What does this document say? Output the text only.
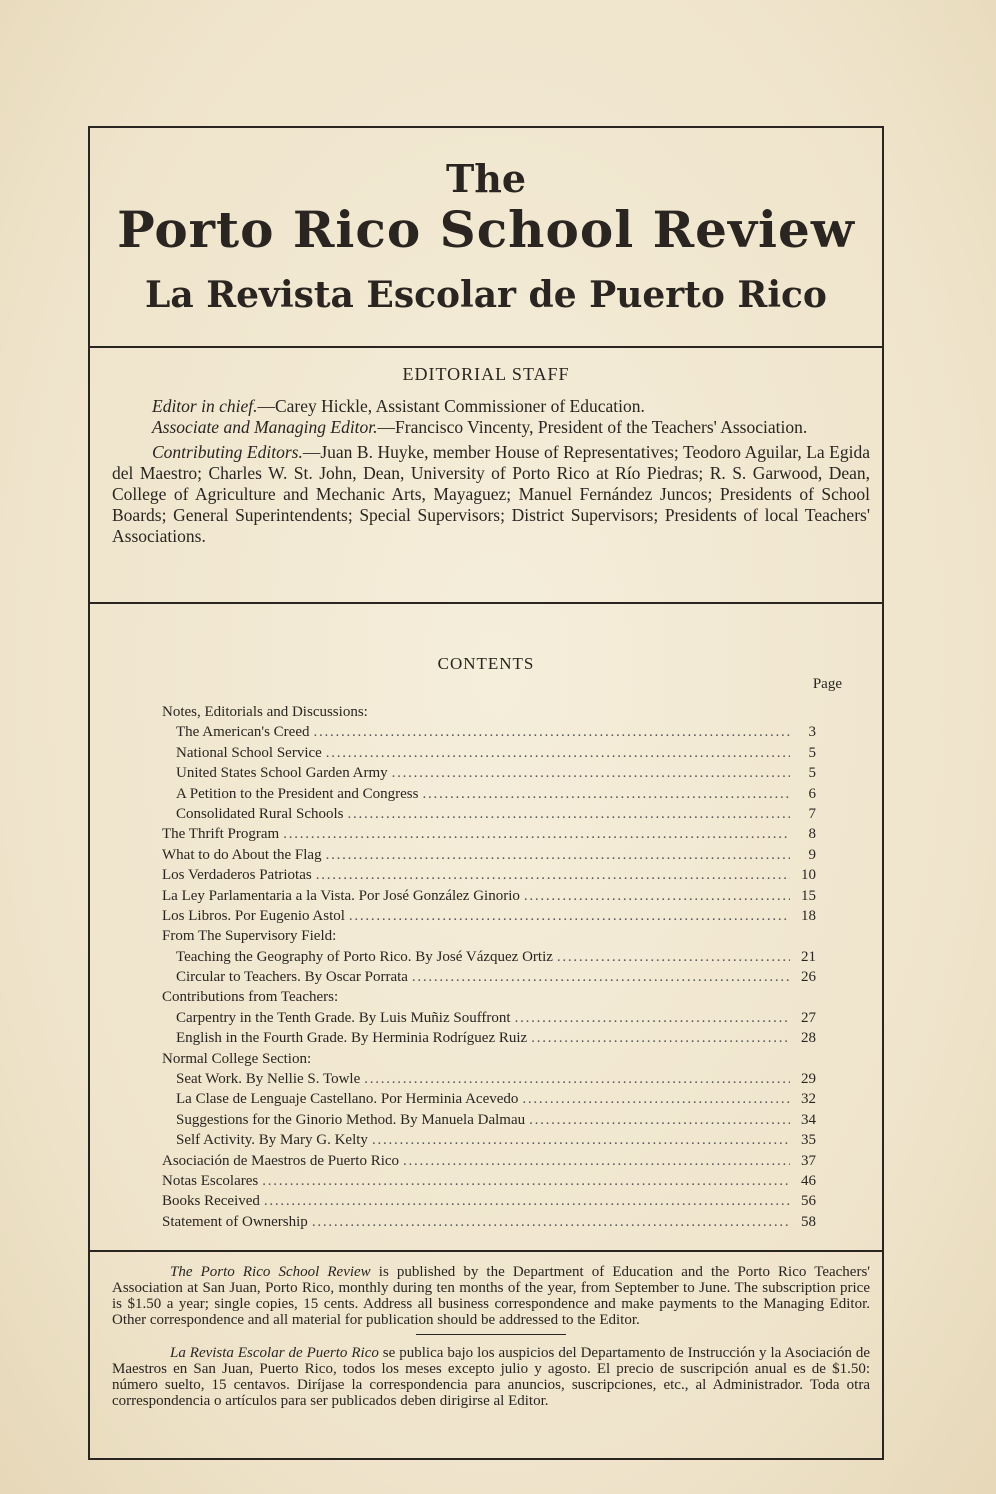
The
Porto Rico School Review
La Revista Escolar de Puerto Rico
EDITORIAL STAFF

Editor in chief.—Carey Hickle, Assistant Commissioner of Education.

Associate and Managing Editor.—Francisco Vincenty, President of the Teachers' Association.

Contributing Editors.—Juan B. Huyke, member House of Representatives; Teodoro Aguilar, La Egida del Maestro; Charles W. St. John, Dean, University of Porto Rico at Río Piedras; R. S. Garwood, Dean, College of Agriculture and Mechanic Arts, Mayaguez; Manuel Fernández Juncos; Presidents of School Boards; General Superintendents; Special Supervisors; District Supervisors; Presidents of local Teachers' Associations.

CONTENTS
Page
Notes, Editorials and Discussions:
The American's Creed . . .	3
National School Service . . .	5
United States School Garden Army . . .	5
A Petition to the President and Congress . . .	6
Consolidated Rural Schools . . .	7
The Thrift Program . . .	8
What to do About the Flag . . .	9
Los Verdaderos Patriotas . . .	10
La Ley Parlamentaria a la Vista. Por José González Ginorio . . .	15
Los Libros. Por Eugenio Astol . . .	18
From The Supervisory Field:
Teaching the Geography of Porto Rico. By José Vázquez Ortiz . . .	21
Circular to Teachers. By Oscar Porrata . . .	26
Contributions from Teachers:
Carpentry in the Tenth Grade. By Luis Muñiz Souffront . . .	27
English in the Fourth Grade. By Herminia Rodríguez Ruiz . . .	28
Normal College Section:
Seat Work. By Nellie S. Towle . . .	29
La Clase de Lenguaje Castellano. Por Herminia Acevedo . . .	32
Suggestions for the Ginorio Method. By Manuela Dalmau . . .	34
Self Activity. By Mary G. Kelty . . .	35
Asociación de Maestros de Puerto Rico . . .	37
Notas Escolares . . .	46
Books Received . . .	56
Statement of Ownership . . .	58

The Porto Rico School Review is published by the Department of Education and the Porto Rico Teachers' Association at San Juan, Porto Rico, monthly during ten months of the year, from September to June. The subscription price is $1.50 a year; single copies, 15 cents. Address all business correspondence and make payments to the Managing Editor. Other correspondence and all material for publication should be addressed to the Editor.

La Revista Escolar de Puerto Rico se publica bajo los auspicios del Departamento de Instrucción y la Asociación de Maestros en San Juan, Puerto Rico, todos los meses excepto julio y agosto. El precio de suscripción anual es de $1.50: número suelto, 15 centavos. Diríjase la correspondencia para anuncios, suscripciones, etc., al Administrador. Toda otra correspondencia o artículos para ser publicados deben dirigirse al Editor.
